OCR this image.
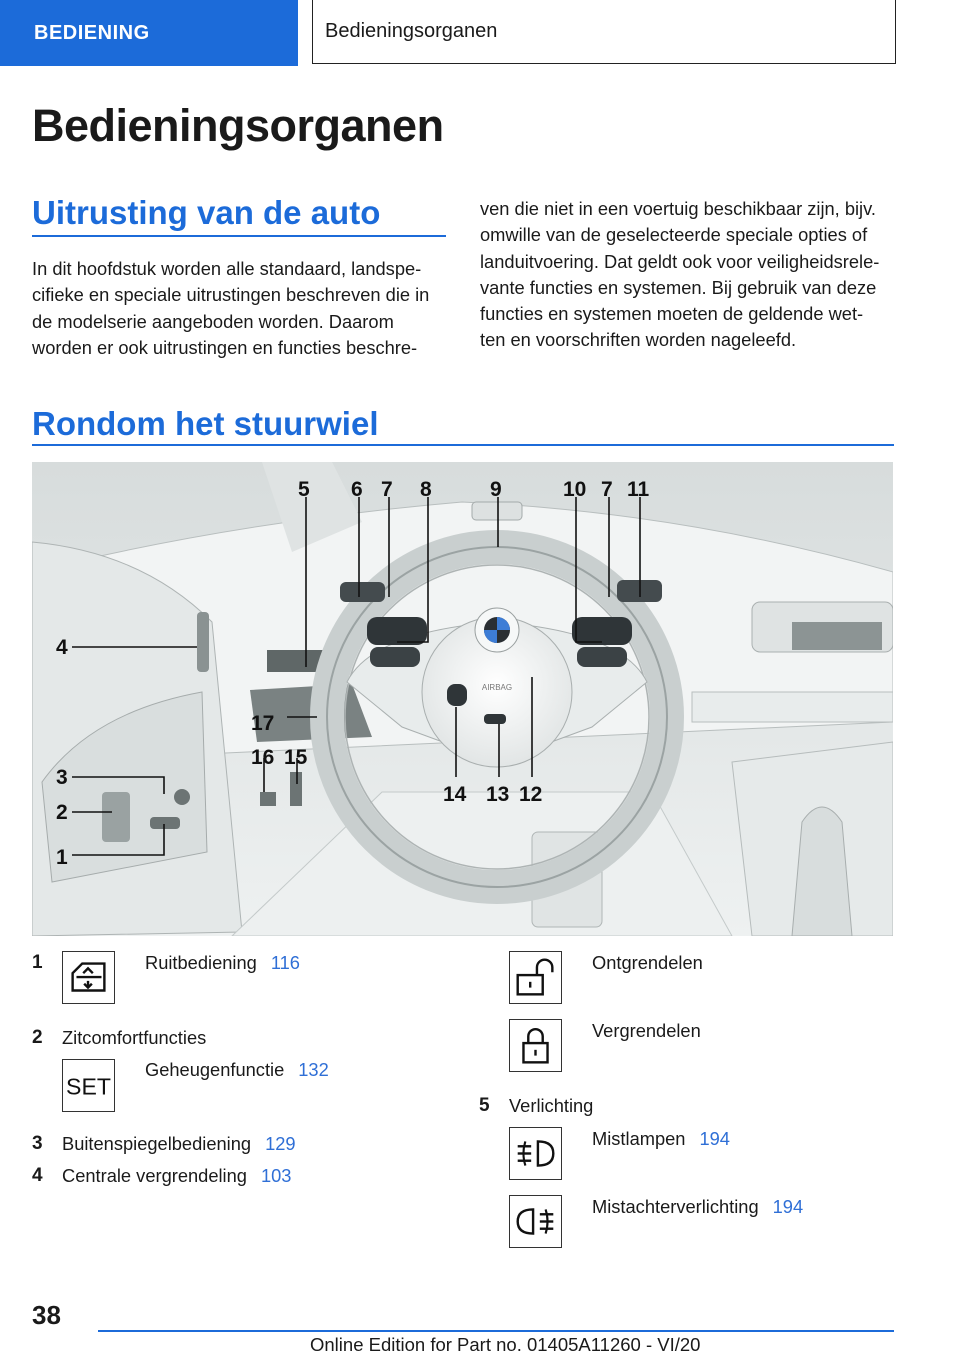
BEDIENING	Bedieningsorganen
Bedieningsorganen
Uitrusting van de auto
In dit hoofdstuk worden alle standaard, landspe-
cifieke en speciale uitrustingen beschreven die in
de modelserie aangeboden worden. Daarom
worden er ook uitrustingen en functies beschre-
ven die niet in een voertuig beschikbaar zijn, bijv.
omwille van de geselecteerde speciale opties of
landuitvoering. Dat geldt ook voor veiligheidsrele-
vante functies en systemen. Bij gebruik van deze
functies en systemen moeten de geldende wet-
ten en voorschriften worden nageleefd.
Rondom het stuurwiel
AIRBAG
4
3
2
1
5 6 7 8	9	10 7 11
12
13
14
15
16
17
1	Ruitbediening 116
2 Zitcomfortfuncties
SET
Geheugenfunctie 132
3 Buitenspiegelbediening 129
4 Centrale vergrendeling 103
Ontgrendelen
Vergrendelen
5 Verlichting
Mistlampen 194
Mistachterverlichting 194
38
Online Edition for Part no. 01405A11260 - VI/20
